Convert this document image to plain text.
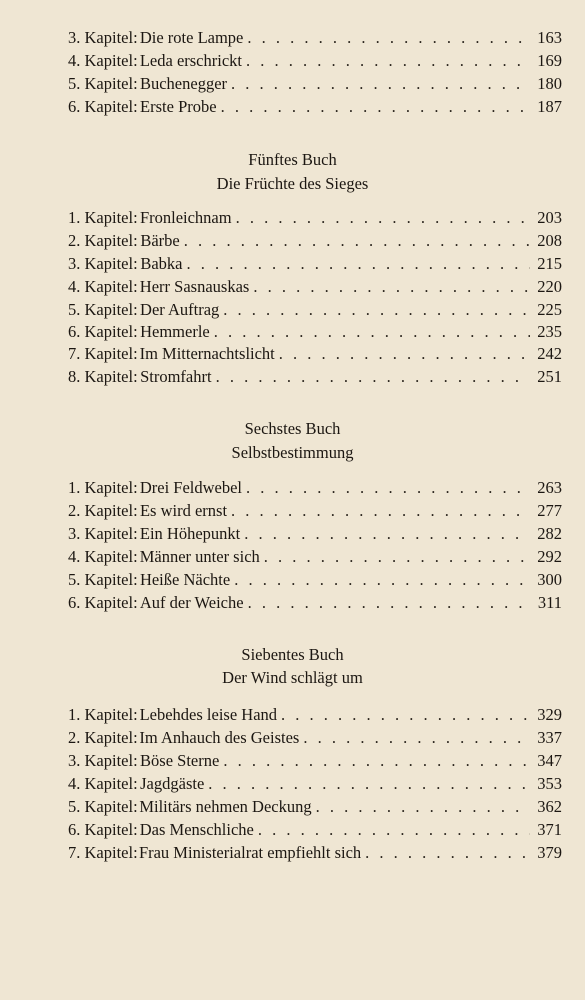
3. Kapitel: Die rote Lampe . . .	163
4. Kapitel: Leda erschrickt . . .	169
5. Kapitel: Buchenegger . . .	180
6. Kapitel: Erste Probe . . .	187
Fünftes Buch
Die Früchte des Sieges
1. Kapitel: Fronleichnam . . .	203
2. Kapitel: Bärbe . . .	208
3. Kapitel: Babka . . .	215
4. Kapitel: Herr Sasnauskas . . .	220
5. Kapitel: Der Auftrag . . .	225
6. Kapitel: Hemmerle . . .	235
7. Kapitel: Im Mitternachtslicht . . .	242
8. Kapitel: Stromfahrt . . .	251
Sechstes Buch
Selbstbestimmung
1. Kapitel: Drei Feldwebel . . .	263
2. Kapitel: Es wird ernst . . .	277
3. Kapitel: Ein Höhepunkt . . .	282
4. Kapitel: Männer unter sich . . .	292
5. Kapitel: Heiße Nächte . . .	300
6. Kapitel: Auf der Weiche . . .	311
Siebentes Buch
Der Wind schlägt um
1. Kapitel: Lebehdes leise Hand . . .	329
2. Kapitel: Im Anhauch des Geistes . . .	337
3. Kapitel: Böse Sterne . . .	347
4. Kapitel: Jagdgäste . . .	353
5. Kapitel: Militärs nehmen Deckung . . .	362
6. Kapitel: Das Menschliche . . .	371
7. Kapitel: Frau Ministerialrat empfiehlt sich . . .	379
